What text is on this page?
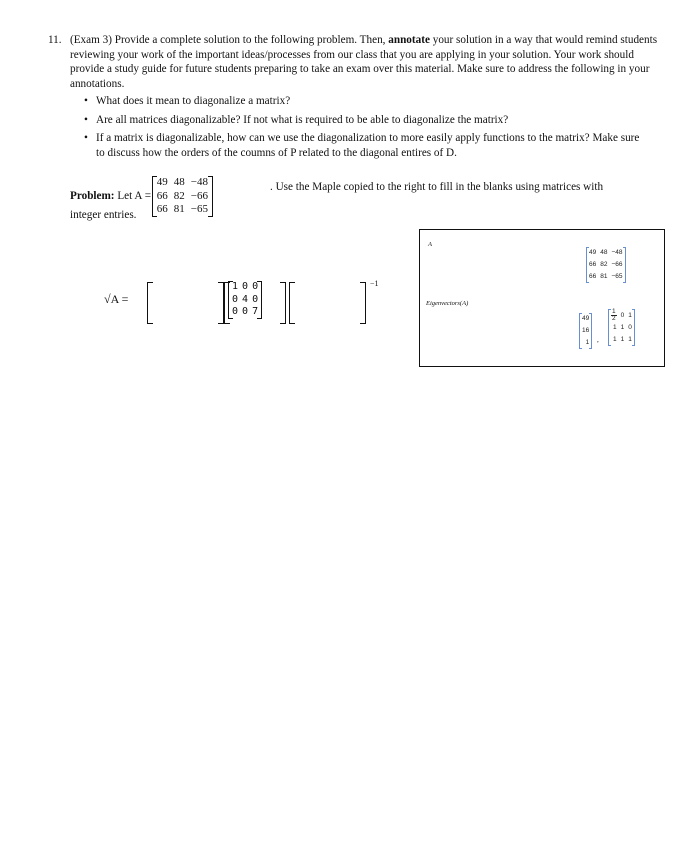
11. (Exam 3) Provide a complete solution to the following problem. Then, annotate your solution in a way that would remind students reviewing your work of the important ideas/processes from our class that you are applying in your solution. Your work should provide a study guide for future students preparing to take an exam over this material. Make sure to address the following in your annotations.
• What does it mean to diagonalize a matrix?
• Are all matrices diagonalizable? If not what is required to be able to diagonalize the matrix?
• If a matrix is diagonalizable, how can we use the diagonalization to more easily apply functions to the matrix? Make sure to discuss how the orders of the coumns of P related to the diagonal entires of D.
Problem: Let A =
49	48	−48
66	82	−66
66	81	−65
. Use the Maple copied to the right to fill in the blanks using matrices with
integer entries.
√A =
1	0	0
0	4	0
0	0	7
−1
A
49	48	−48
66	82	−66
66	81	−65
Eigenvectors(A)
49
16
1 ,
$\frac{1}{2}$	0	1
1	1	0
1	1	1
